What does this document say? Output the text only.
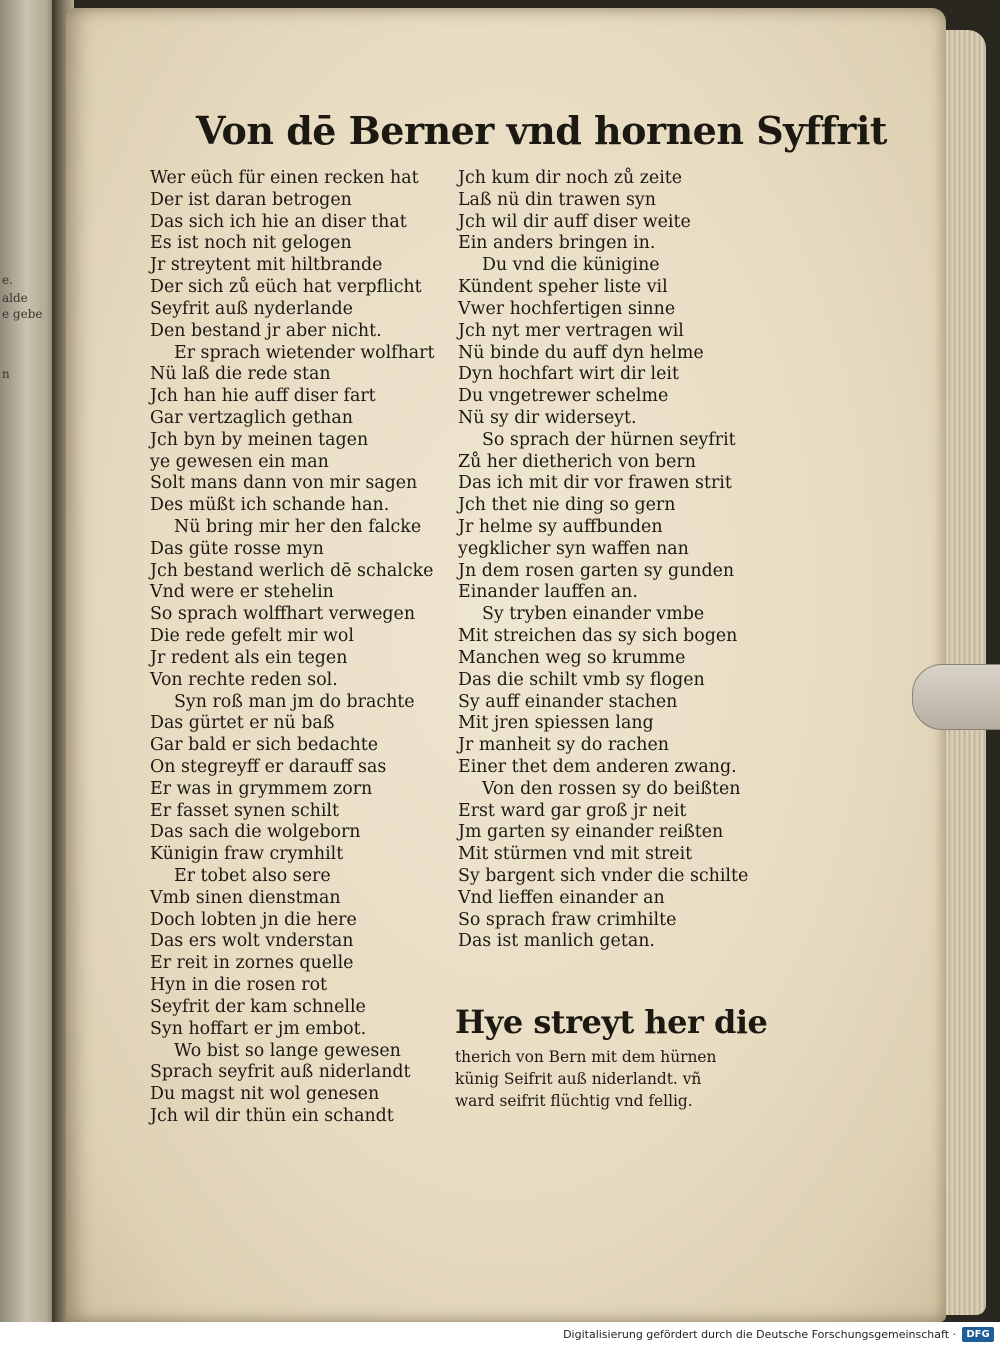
e.
alde
e gebe
n
Von dē Berner vnd hornen Syffrit
Wer eüch für einen recken hat
Der ist daran betrogen
Das sich ich hie an diser that
Es ist noch nit gelogen
Jr streytent mit hiltbrande
Der sich zů eüch hat verpflicht
Seyfrit auß nyderlande
Den bestand jr aber nicht.
Er sprach wietender wolfhart
Nü laß die rede stan
Jch han hie auff diser fart
Gar vertzaglich gethan
Jch byn by meinen tagen
ye gewesen ein man
Solt mans dann von mir sagen
Des müßt ich schande han.
Nü bring mir her den falcke
Das güte rosse myn
Jch bestand werlich dē schalcke
Vnd were er stehelin
So sprach wolffhart verwegen
Die rede gefelt mir wol
Jr redent als ein tegen
Von rechte reden sol.
Syn roß man jm do brachte
Das gürtet er nü baß
Gar bald er sich bedachte
On stegreyff er darauff sas
Er was in grymmem zorn
Er fasset synen schilt
Das sach die wolgeborn
Künigin fraw crymhilt
Er tobet also sere
Vmb sinen dienstman
Doch lobten jn die here
Das ers wolt vnderstan
Er reit in zornes quelle
Hyn in die rosen rot
Seyfrit der kam schnelle
Syn hoffart er jm embot.
Wo bist so lange gewesen
Sprach seyfrit auß niderlandt
Du magst nit wol genesen
Jch wil dir thün ein schandt
Jch kum dir noch zů zeite
Laß nü din trawen syn
Jch wil dir auff diser weite
Ein anders bringen in.
Du vnd die künigine
Kündent speher liste vil
Vwer hochfertigen sinne
Jch nyt mer vertragen wil
Nü binde du auff dyn helme
Dyn hochfart wirt dir leit
Du vngetrewer schelme
Nü sy dir widerseyt.
So sprach der hürnen seyfrit
Zů her dietherich von bern
Das ich mit dir vor frawen strit
Jch thet nie ding so gern
Jr helme sy auffbunden
yegklicher syn waffen nan
Jn dem rosen garten sy gunden
Einander lauffen an.
Sy tryben einander vmbe
Mit streichen das sy sich bogen
Manchen weg so krumme
Das die schilt vmb sy flogen
Sy auff einander stachen
Mit jren spiessen lang
Jr manheit sy do rachen
Einer thet dem anderen zwang.
Von den rossen sy do beißten
Erst ward gar groß jr neit
Jm garten sy einander reißten
Mit stürmen vnd mit streit
Sy bargent sich vnder die schilte
Vnd lieffen einander an
So sprach fraw crimhilte
Das ist manlich getan.
Hye streyt her die
therich von Bern mit dem hürnen
künig Seifrit auß niderlandt. vñ
ward seifrit flüchtig vnd fellig.
Digitalisierung gefördert durch die Deutsche Forschungsgemeinschaft ·	DFG
